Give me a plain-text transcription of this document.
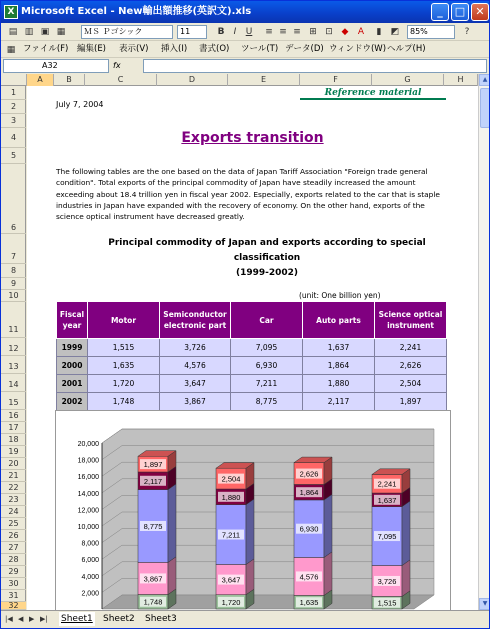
X Microsoft Excel - New輸出額推移(英訳文).xls	_	□ ✕
▤ ▥ ▣ ▦	ＭＳ Ｐゴシック	11	B	I	U	≡ ≡ ≡ ⊞ ⊡ ◆	A	▮	◩	85%	?
▦ ファイル(F) 編集(E) 表示(V) 挿入(I) 書式(O) ツール(T) データ(D) ウィンドウ(W) ヘルプ(H)
A32	fx
A	B	C	D	E	F	G	H
1
2
3
4
5
6
7
8
9
10
11
12
13
14
15
16
17
18
19
20
21
22
23
24
25
26
27
28
29
30
31
32
July 7, 2004
Reference material
Exports transition
The following tables are the one based on the data of Japan Tariff Association "Foreign trade general condition". Total exports of the principal commodity of Japan have steadily increased the amount exceeding about 18.4 trillion yen in fiscal year 2002. Especially, exports related to the car that is staple industries in Japan have expanded with the recovery of economy. On the other hand, exports of the science optical instrument have decreased greatly.
Principal commodity of Japan and exports according to special
classification
(1999-2002)
(unit: One billion yen)
Fiscal year	Motor	Semiconductor electronic part	Car	Auto parts	Science optical instrument
1999	1,515	3,726	7,095	1,637	2,241
2000	1,635	4,576	6,930	1,864	2,626
2001	1,720	3,647	7,211	1,880	2,504
2002	1,748	3,867	8,775	2,117	1,897
20,000
18,000
16,000
14,000
12,000
10,000
8,000
6,000
4,000
2,000
1,748
3,867
8,775
2,117
1,897
1,720
3,647
7,211
1,880
2,504
1,635
4,576
6,930
1,864
2,626
1,515
3,726
7,095
1,637
2,241
▲
▼
|◀ ◀ ▶ ▶| Sheet1 Sheet2 Sheet3
